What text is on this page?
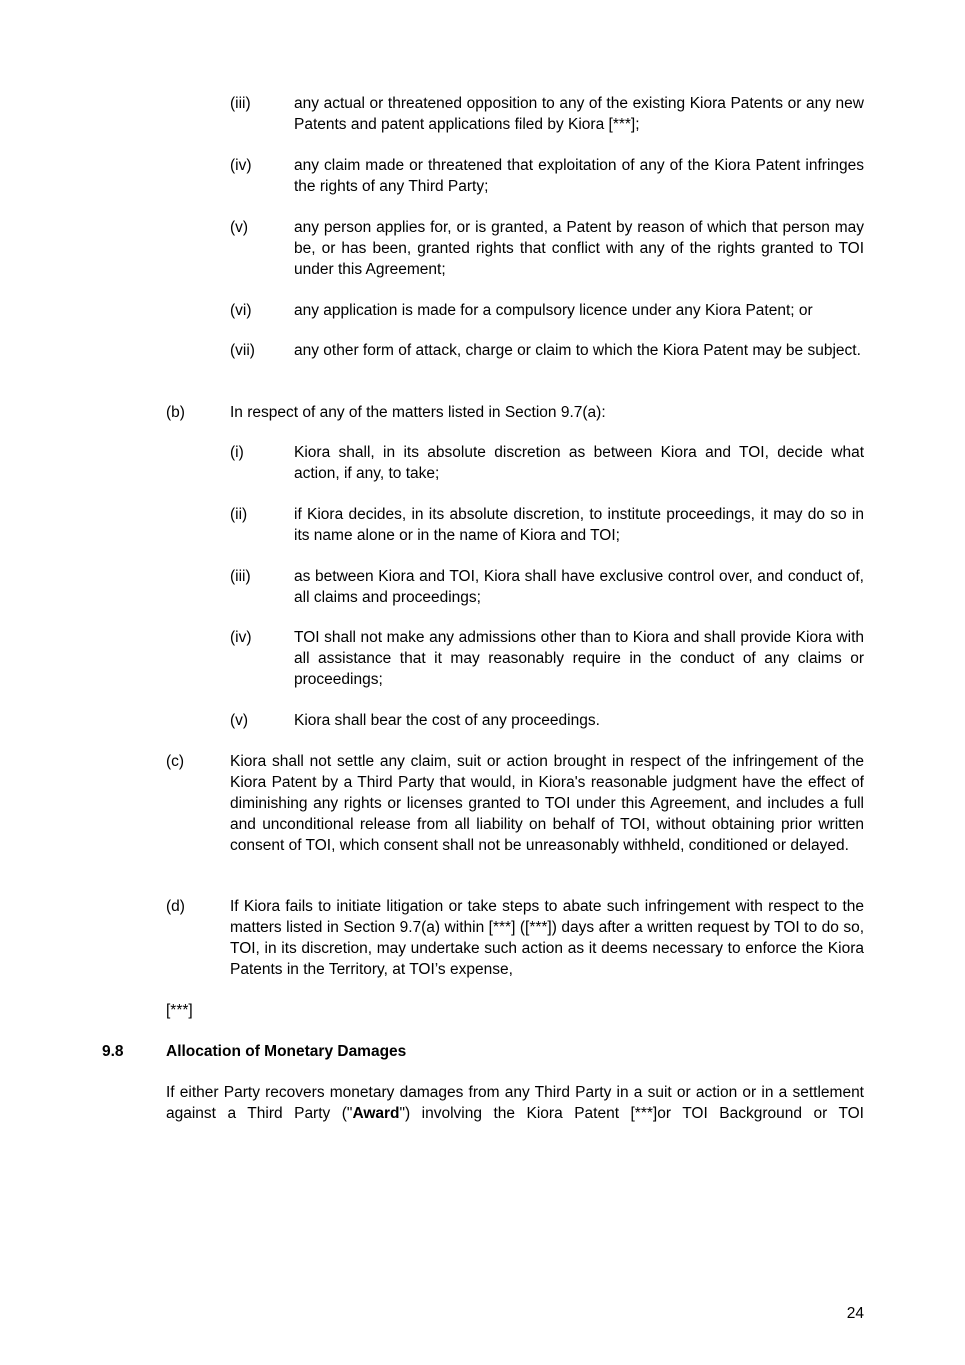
(iii)	any actual or threatened opposition to any of the existing Kiora Patents or any new Patents and patent applications filed by Kiora [***];
(iv)	any claim made or threatened that exploitation of any of the Kiora Patent infringes the rights of any Third Party;
(v)	any person applies for, or is granted, a Patent by reason of which that person may be, or has been, granted rights that conflict with any of the rights granted to TOI under this Agreement;
(vi)	any application is made for a compulsory licence under any Kiora Patent; or
(vii)	any other form of attack, charge or claim to which the Kiora Patent may be subject.
(b)	In respect of any of the matters listed in Section 9.7(a):
(i)	Kiora shall, in its absolute discretion as between Kiora and TOI, decide what action, if any, to take;
(ii)	if Kiora decides, in its absolute discretion, to institute proceedings, it may do so in its name alone or in the name of Kiora and TOI;
(iii)	as between Kiora and TOI, Kiora shall have exclusive control over, and conduct of, all claims and proceedings;
(iv)	TOI shall not make any admissions other than to Kiora and shall provide Kiora with all assistance that it may reasonably require in the conduct of any claims or proceedings;
(v)	Kiora shall bear the cost of any proceedings.
(c)	Kiora shall not settle any claim, suit or action brought in respect of the infringement of the Kiora Patent by a Third Party that would, in Kiora's reasonable judgment have the effect of diminishing any rights or licenses granted to TOI under this Agreement, and includes a full and unconditional release from all liability on behalf of TOI, without obtaining prior written consent of TOI, which consent shall not be unreasonably withheld, conditioned or delayed.
(d)	If Kiora fails to initiate litigation or take steps to abate such infringement with respect to the matters listed in Section 9.7(a) within [***] ([***]) days after a written request by TOI to do so, TOI, in its discretion, may undertake such action as it deems necessary to enforce the Kiora Patents in the Territory, at TOI’s expense,
[***]
9.8	Allocation of Monetary Damages
If either Party recovers monetary damages from any Third Party in a suit or action or in a settlement against a Third Party ("Award") involving the Kiora Patent [***]or TOI Background or TOI
24
